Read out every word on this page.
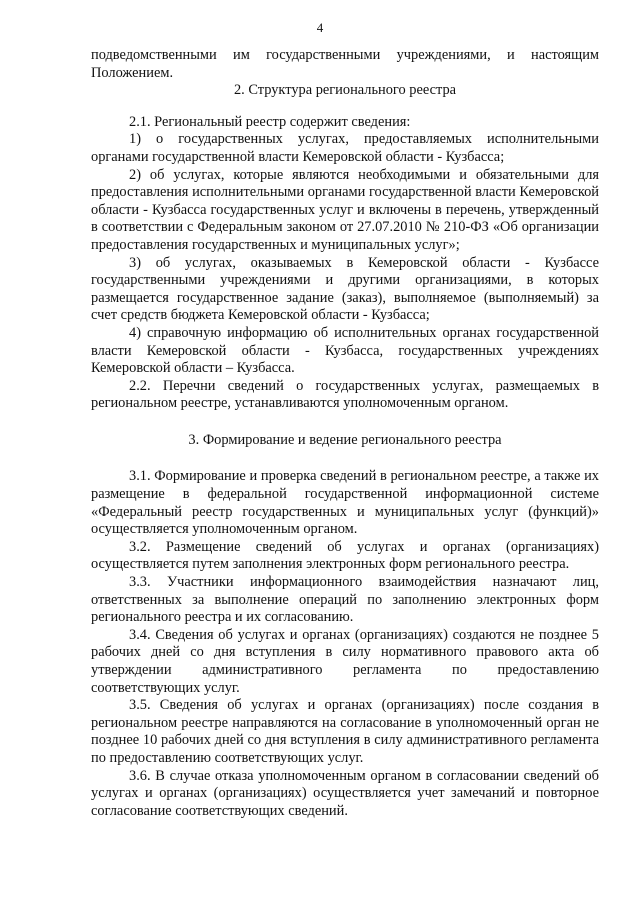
4

подведомственными им государственными учреждениями, и настоящим Положением.

2. Структура регионального реестра

2.1. Региональный реестр содержит сведения:

1) о государственных услугах, предоставляемых исполнительными органами государственной власти Кемеровской области - Кузбасса;

2) об услугах, которые являются необходимыми и обязательными для предоставления исполнительными органами государственной власти Кемеровской области - Кузбасса государственных услуг и включены в перечень, утвержденный в соответствии с Федеральным законом от 27.07.2010 № 210-ФЗ «Об организации предоставления государственных и муниципальных услуг»;

3) об услугах, оказываемых в Кемеровской области - Кузбассе государственными учреждениями и другими организациями, в которых размещается государственное задание (заказ), выполняемое (выполняемый) за счет средств бюджета Кемеровской области - Кузбасса;

4) справочную информацию об исполнительных органах государственной власти Кемеровской области - Кузбасса, государственных учреждениях Кемеровской области – Кузбасса.

2.2. Перечни сведений о государственных услугах, размещаемых в региональном реестре, устанавливаются уполномоченным органом.

3. Формирование и ведение регионального реестра

3.1. Формирование и проверка сведений в региональном реестре, а также их размещение в федеральной государственной информационной системе «Федеральный реестр государственных и муниципальных услуг (функций)» осуществляется уполномоченным органом.

3.2. Размещение сведений об услугах и органах (организациях) осуществляется путем заполнения электронных форм регионального реестра.

3.3. Участники информационного взаимодействия назначают лиц, ответственных за выполнение операций по заполнению электронных форм регионального реестра и их согласованию.

3.4. Сведения об услугах и органах (организациях) создаются не позднее 5 рабочих дней со дня вступления в силу нормативного правового акта об утверждении административного регламента по предоставлению соответствующих услуг.

3.5. Сведения об услугах и органах (организациях) после создания в региональном реестре направляются на согласование в уполномоченный орган не позднее 10 рабочих дней со дня вступления в силу административного регламента по предоставлению соответствующих услуг.

3.6. В случае отказа уполномоченным органом в согласовании сведений об услугах и органах (организациях) осуществляется учет замечаний и повторное согласование соответствующих сведений.
